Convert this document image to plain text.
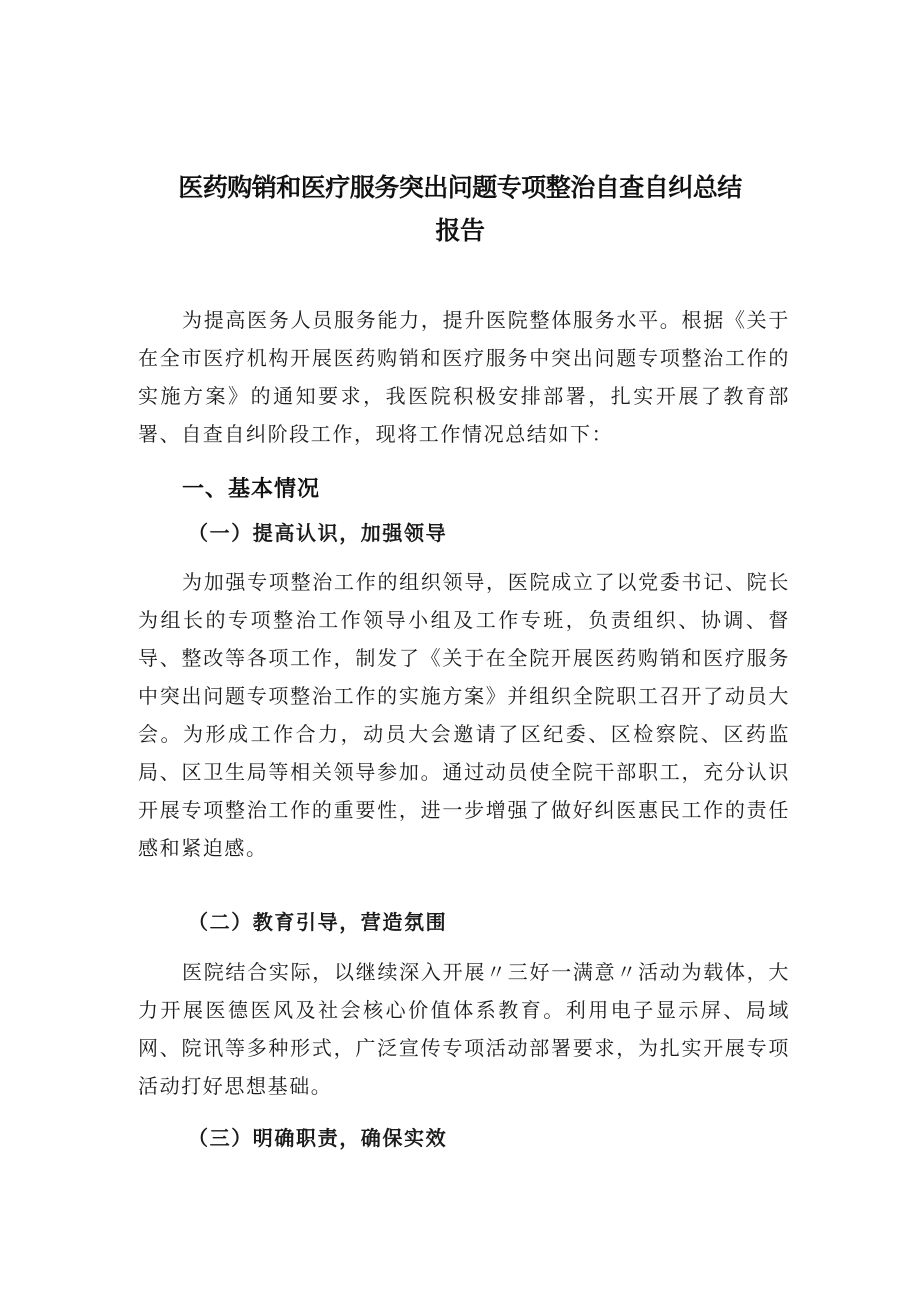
医药购销和医疗服务突出问题专项整治自查自纠总结
报告

为提高医务人员服务能力，提升医院整体服务水平。根据《关于在全市医疗机构开展医药购销和医疗服务中突出问题专项整治工作的实施方案》的通知要求，我医院积极安排部署，扎实开展了教育部署、自查自纠阶段工作，现将工作情况总结如下：

一、基本情况
（一）提高认识，加强领导

为加强专项整治工作的组织领导，医院成立了以党委书记、院长为组长的专项整治工作领导小组及工作专班，负责组织、协调、督导、整改等各项工作，制发了《关于在全院开展医药购销和医疗服务中突出问题专项整治工作的实施方案》并组织全院职工召开了动员大会。为形成工作合力，动员大会邀请了区纪委、区检察院、区药监局、区卫生局等相关领导参加。通过动员使全院干部职工，充分认识开展专项整治工作的重要性，进一步增强了做好纠医惠民工作的责任感和紧迫感。

（二）教育引导，营造氛围

医院结合实际，以继续深入开展〃三好一满意〃活动为载体，大力开展医德医风及社会核心价值体系教育。利用电子显示屏、局域网、院讯等多种形式，广泛宣传专项活动部署要求，为扎实开展专项活动打好思想基础。

（三）明确职责，确保实效
